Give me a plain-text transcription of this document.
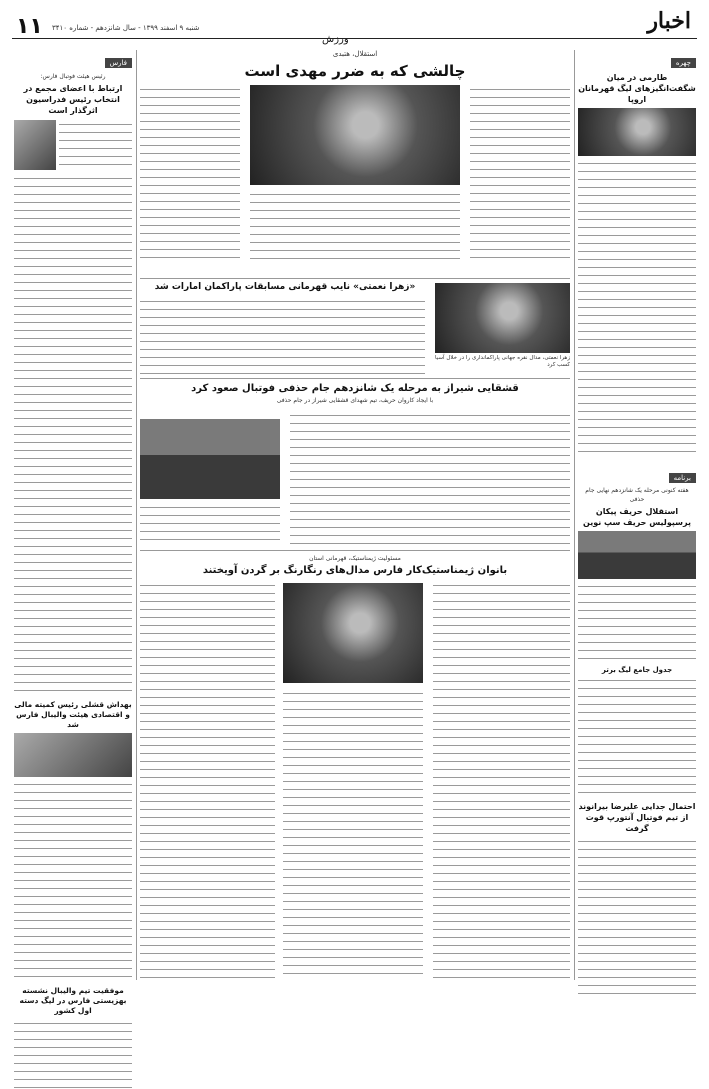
۱۱ شنبه ۹ اسفند ۱۳۹۹ - سال شانزدهم - شماره ۳۴۱۰
ورزش
اخبار
فارس
رئیس هیئت فوتبال فارس:
ارتباط با اعضای مجمع در انتخاب رئیس فدراسیون اثرگذار است
بهداش قشلی رئیس کمیته مالی و اقتصادی هیئت والیبال فارس شد
موفقیت تیم والیبال نشسته بهزیستی فارس در لیگ دسته اول کشور
استقلال، هتبدی
چالشی که به ضرر مهدی است
«زهرا نعمتی» نایب قهرمانی مسابقات پاراکمان امارات شد
زهرا نعمتی، مدال نقره جهانی پاراکمانداری را در خلال آسیا کسب کرد
قشقایی شیراز به مرحله یک شانزدهم جام حذفی فوتبال صعود کرد
با ایجاد کاروان حریف، تیم شهدای قشقایی شیراز در جام حذفی
مسئولیت ژیمناستیک، قهرمانی استان
بانوان ژیمناستیک‌کار فارس مدال‌های رنگارنگ بر گردن آویختند
چهره
طارمی در میان شگفت‌انگیزهای لیگ قهرمانان اروپا
برنامه
هفته کنونی مرحله یک شانزدهم نهایی جام حذفی
استقلال حریف پیکان پرسپولیس حریف سپ نوین
جدول جامع لیگ برتر
احتمال جدایی علیرضا بیرانوند از تیم فوتبال آنتورپ قوت گرفت
